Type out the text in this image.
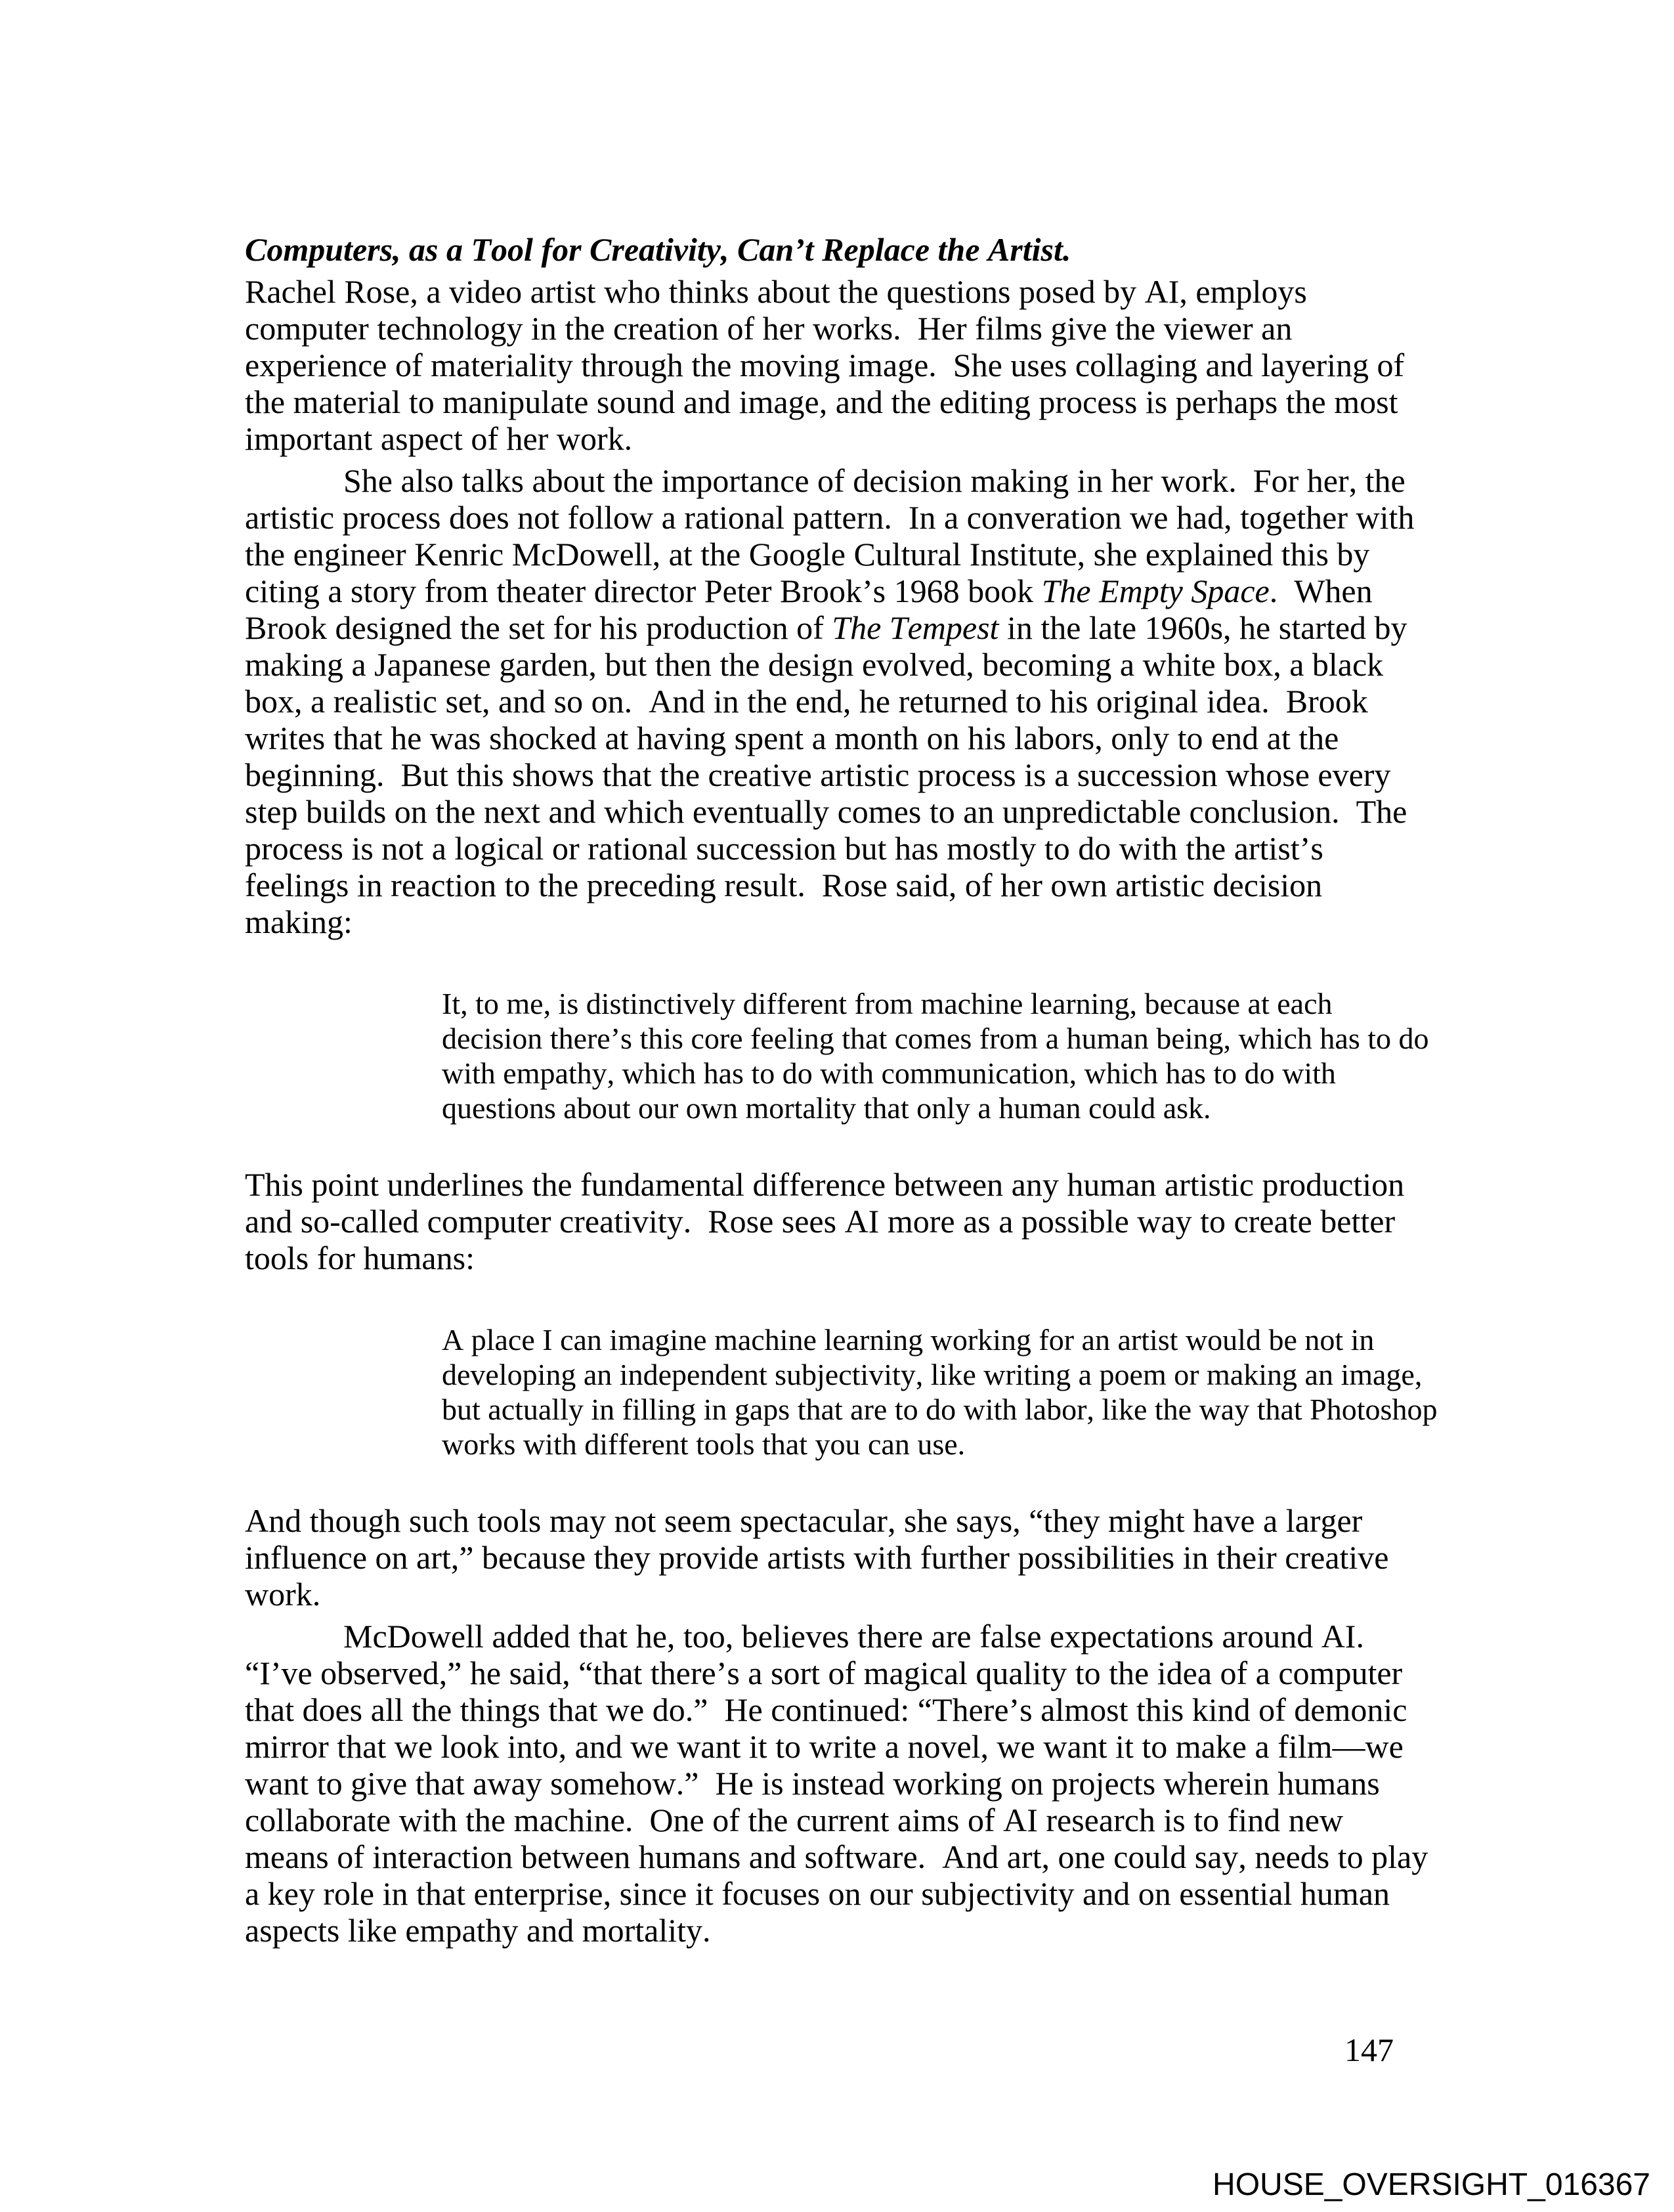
Computers, as a Tool for Creativity, Can’t Replace the Artist.

Rachel Rose, a video artist who thinks about the questions posed by AI, employs computer technology in the creation of her works.  Her films give the viewer an experience of materiality through the moving image.  She uses collaging and layering of the material to manipulate sound and image, and the editing process is perhaps the most important aspect of her work.

She also talks about the importance of decision making in her work.  For her, the artistic process does not follow a rational pattern.  In a converation we had, together with the engineer Kenric McDowell, at the Google Cultural Institute, she explained this by citing a story from theater director Peter Brook’s 1968 book The Empty Space.  When Brook designed the set for his production of The Tempest in the late 1960s, he started by making a Japanese garden, but then the design evolved, becoming a white box, a black box, a realistic set, and so on.  And in the end, he returned to his original idea.  Brook writes that he was shocked at having spent a month on his labors, only to end at the beginning.  But this shows that the creative artistic process is a succession whose every step builds on the next and which eventually comes to an unpredictable conclusion.  The process is not a logical or rational succession but has mostly to do with the artist’s feelings in reaction to the preceding result.  Rose said, of her own artistic decision making:

It, to me, is distinctively different from machine learning, because at each decision there’s this core feeling that comes from a human being, which has to do with empathy, which has to do with communication, which has to do with questions about our own mortality that only a human could ask.

This point underlines the fundamental difference between any human artistic production and so-called computer creativity.  Rose sees AI more as a possible way to create better tools for humans:

A place I can imagine machine learning working for an artist would be not in developing an independent subjectivity, like writing a poem or making an image, but actually in filling in gaps that are to do with labor, like the way that Photoshop works with different tools that you can use.

And though such tools may not seem spectacular, she says, “they might have a larger influence on art,” because they provide artists with further possibilities in their creative work.

McDowell added that he, too, believes there are false expectations around AI.  “I’ve observed,” he said, “that there’s a sort of magical quality to the idea of a computer that does all the things that we do.”  He continued: “There’s almost this kind of demonic mirror that we look into, and we want it to write a novel, we want it to make a film—we want to give that away somehow.”  He is instead working on projects wherein humans collaborate with the machine.  One of the current aims of AI research is to find new means of interaction between humans and software.  And art, one could say, needs to play a key role in that enterprise, since it focuses on our subjectivity and on essential human aspects like empathy and mortality.

147
HOUSE_OVERSIGHT_016367
